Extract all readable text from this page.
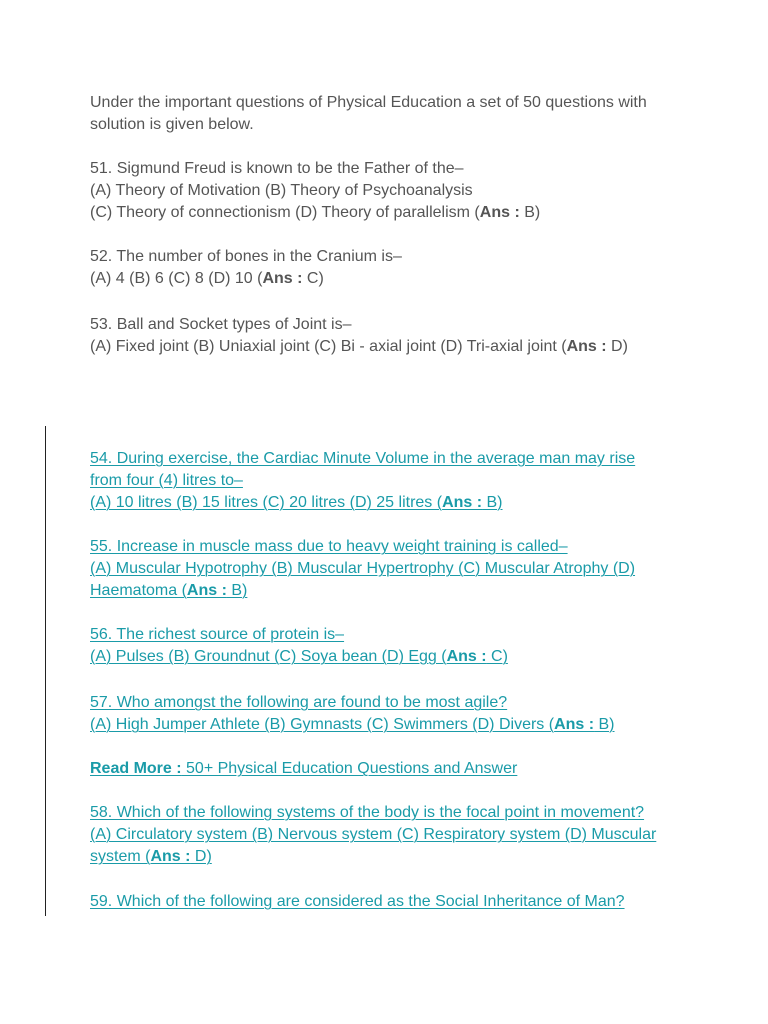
Under the important questions of Physical Education a set of 50 questions with

solution is given below.

51. Sigmund Freud is known to be the Father of the–

(A) Theory of Motivation (B) Theory of Psychoanalysis

(C) Theory of connectionism (D) Theory of parallelism (Ans : B)

52. The number of bones in the Cranium is–

(A) 4 (B) 6 (C) 8 (D) 10 (Ans : C)

53. Ball and Socket types of Joint is–

(A) Fixed joint (B) Uniaxial joint (C) Bi - axial joint (D) Tri-axial joint (Ans : D)

54. During exercise, the Cardiac Minute Volume in the average man may rise

from four (4) litres to–

(A) 10 litres (B) 15 litres (C) 20 litres (D) 25 litres (Ans : B)

55. Increase in muscle mass due to heavy weight training is called–

(A) Muscular Hypotrophy (B) Muscular Hypertrophy (C) Muscular Atrophy (D)

Haematoma (Ans : B)

56. The richest source of protein is–

(A) Pulses (B) Groundnut (C) Soya bean (D) Egg (Ans : C)

57. Who amongst the following are found to be most agile?

(A) High Jumper Athlete (B) Gymnasts (C) Swimmers (D) Divers (Ans : B)

Read More : 50+ Physical Education Questions and Answer

58. Which of the following systems of the body is the focal point in movement?

(A) Circulatory system (B) Nervous system (C) Respiratory system (D) Muscular

system (Ans : D)

59. Which of the following are considered as the Social Inheritance of Man?
